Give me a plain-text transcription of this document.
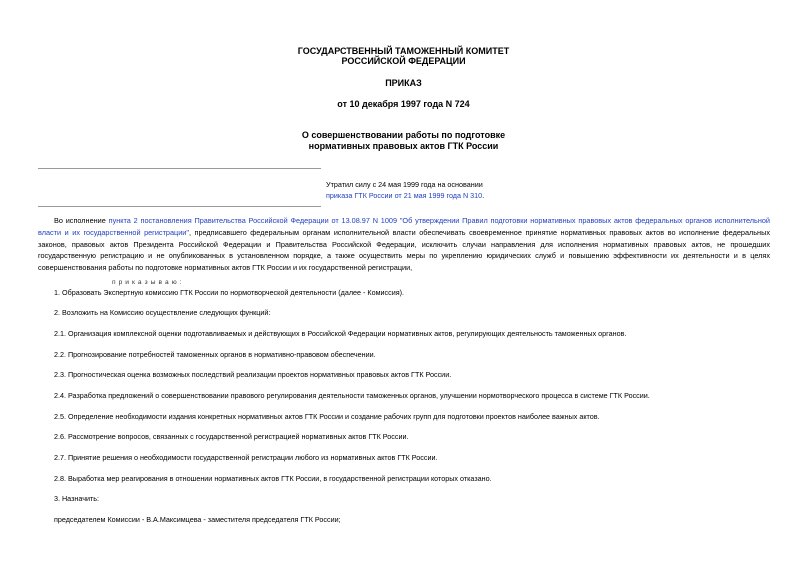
ГОСУДАРСТВЕННЫЙ ТАМОЖЕННЫЙ КОМИТЕТ
РОССИЙСКОЙ ФЕДЕРАЦИИ
ПРИКАЗ
от 10 декабря 1997 года N 724
О совершенствовании работы по подготовке
нормативных правовых актов ГТК России
Утратил силу с 24 мая 1999 года на основании
приказа ГТК России от 21 мая 1999 года N 310.

Во исполнение пункта 2 постановления Правительства Российской Федерации от 13.08.97 N 1009 "Об утверждении Правил подготовки нормативных правовых актов федеральных органов исполнительной власти и их государственной регистрации", предписавшего федеральным органам исполнительной власти обеспечивать своевременное принятие нормативных правовых актов во исполнение федеральных законов, правовых актов Президента Российской Федерации и Правительства Российской Федерации, исключить случаи направления для исполнения нормативных правовых актов, не прошедших государственную регистрацию и не опубликованных в установленном порядке, а также осуществить меры по укреплению юридических служб и повышению эффективности их деятельности и в целях совершенствования работы по подготовке нормативных актов ГТК России и их государственной регистрации,

п р и к а з ы в а ю :
1. Образовать Экспертную комиссию ГТК России по нормотворческой деятельности (далее - Комиссия).
2. Возложить на Комиссию осуществление следующих функций:
2.1. Организация комплексной оценки подготавливаемых и действующих в Российской Федерации нормативных актов, регулирующих деятельность таможенных органов.
2.2. Прогнозирование потребностей таможенных органов в нормативно-правовом обеспечении.
2.3. Прогностическая оценка возможных последствий реализации проектов нормативных правовых актов ГТК России.
2.4. Разработка предложений о совершенствовании правового регулирования деятельности таможенных органов, улучшении нормотворческого процесса в системе ГТК России.
2.5. Определение необходимости издания конкретных нормативных актов ГТК России и создание рабочих групп для подготовки проектов наиболее важных актов.
2.6. Рассмотрение вопросов, связанных с государственной регистрацией нормативных актов ГТК России.
2.7. Принятие решения о необходимости государственной регистрации любого из нормативных актов ГТК России.
2.8. Выработка мер реагирования в отношении нормативных актов ГТК России, в государственной регистрации которых отказано.
3. Назначить:
председателем Комиссии - В.А.Максимцева - заместителя председателя ГТК России;
